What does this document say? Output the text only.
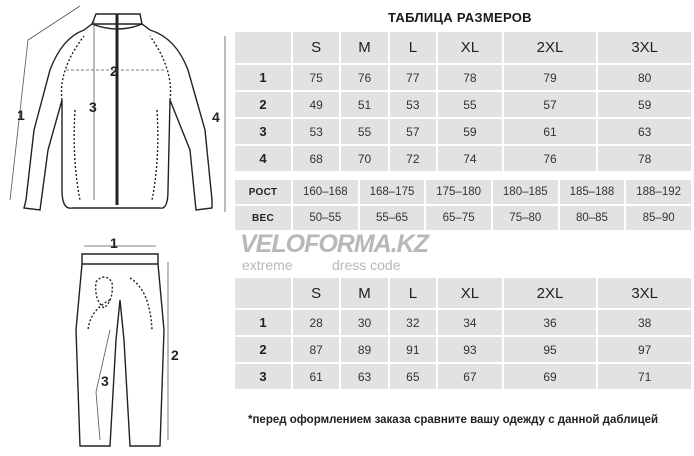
1
2
3
4
1
2
3
ТАБЛИЦА РАЗМЕРОВ
	S	M	L	XL	2XL	3XL
1	75	76	77	78	79	80
2	49	51	53	55	57	59
3	53	55	57	59	61	63
4	68	70	72	74	76	78
РОСТ	160–168	168–175	175–180	180–185	185–188	188–192
ВЕС	50–55	55–65	65–75	75–80	80–85	85–90
VELOFORMA.KZ
extreme	dress code
	S	M	L	XL	2XL	3XL
1	28	30	32	34	36	38
2	87	89	91	93	95	97
3	61	63	65	67	69	71
*перед оформлением заказа сравните вашу одежду с данной даблицей
